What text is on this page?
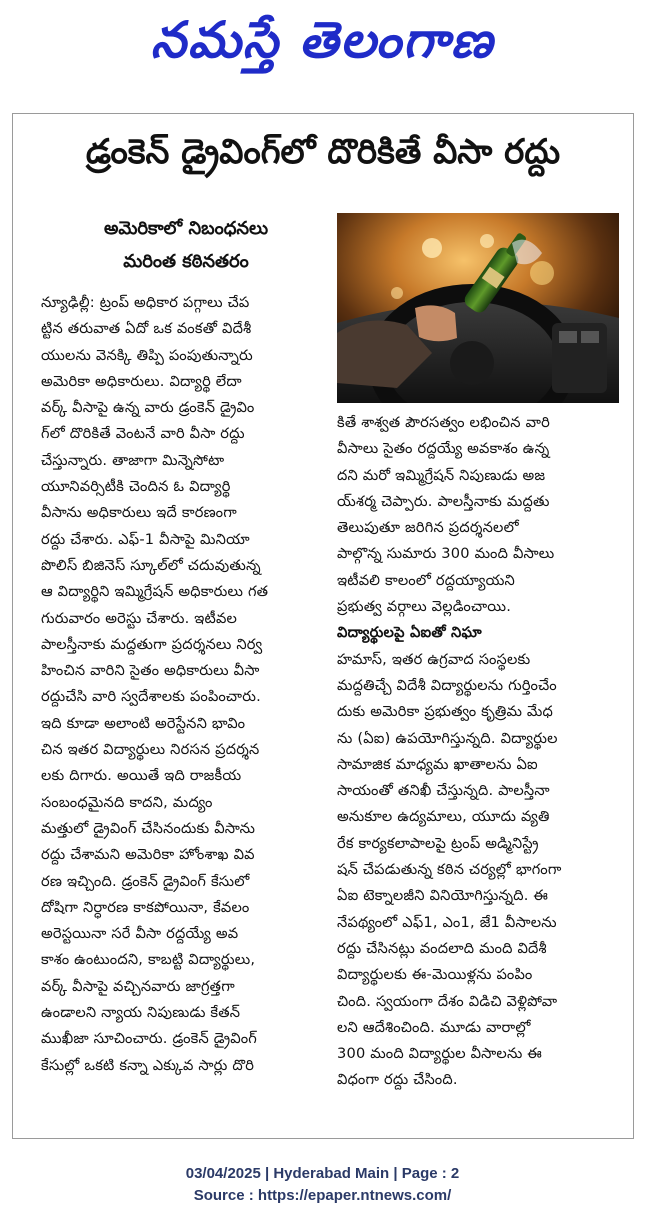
నమస్తే తెలంగాణ
డ్రంకెన్ డ్రైవింగ్‌లో దొరికితే వీసా రద్దు
అమెరికాలో నిబంధనలు
మరింత కఠినతరం
న్యూఢిల్లీ: ట్రంప్ అధికార పగ్గాలు చేప
ట్టిన తరువాత ఏదో ఒక వంకతో విదేశీ
యులను వెనక్కి తిప్పి పంపుతున్నారు
అమెరికా అధికారులు. విద్యార్థి లేదా
వర్క్ వీసాపై ఉన్న వారు డ్రంకెన్ డ్రైవిం
గ్‌లో దొరికితే వెంటనే వారి వీసా రద్దు
చేస్తున్నారు. తాజాగా మిన్నెసోటా
యూనివర్సిటీకి చెందిన ఓ విద్యార్థి
వీసాను అధికారులు ఇదే కారణంగా
రద్దు చేశారు. ఎఫ్-1 వీసాపై మినియా
పొలిస్ బిజినెస్ స్కూల్‌లో చదువుతున్న
ఆ విద్యార్థిని ఇమ్మిగ్రేషన్ అధికారులు గత
గురువారం అరెస్టు చేశారు. ఇటీవల
పాలస్తీనాకు మద్దతుగా ప్రదర్శనలు నిర్వ
హించిన వారిని సైతం అధికారులు వీసా
రద్దుచేసి వారి స్వదేశాలకు పంపించారు.
ఇది కూడా అలాంటి అరెస్టేనని భావిం
చిన ఇతర విద్యార్థులు నిరసన ప్రదర్శన
లకు దిగారు. అయితే ఇది రాజకీయ
సంబంధమైనది కాదని, మద్యం
మత్తులో డ్రైవింగ్ చేసినందుకు వీసాను
రద్దు చేశామని అమెరికా హోంశాఖ వివ
రణ ఇచ్చింది. డ్రంకెన్ డ్రైవింగ్ కేసులో
దోషిగా నిర్ధారణ కాకపోయినా, కేవలం
అరెస్టయినా సరే వీసా రద్దయ్యే అవ
కాశం ఉంటుందని, కాబట్టి విద్యార్థులు,
వర్క్ వీసాపై వచ్చినవారు జాగ్రత్తగా
ఉండాలని న్యాయ నిపుణుడు కేతన్
ముఖీజా సూచించారు. డ్రంకెన్ డ్రైవింగ్
కేసుల్లో ఒకటి కన్నా ఎక్కువ సార్లు దొరి
కితే శాశ్వత పౌరసత్వం లభించిన వారి
వీసాలు సైతం రద్దయ్యే అవకాశం ఉన్న
దని మరో ఇమ్మిగ్రేషన్ నిపుణుడు అజ
య్‌శర్మ చెప్పారు. పాలస్తీనాకు మద్దతు
తెలుపుతూ జరిగిన ప్రదర్శనలలో
పాల్గొన్న సుమారు 300 మంది వీసాలు
ఇటీవలి కాలంలో రద్దయ్యాయని
ప్రభుత్వ వర్గాలు వెల్లడించాయి.
విద్యార్థులపై ఏఐతో నిఘా
హమాస్, ఇతర ఉగ్రవాద సంస్థలకు
మద్దతిచ్చే విదేశీ విద్యార్థులను గుర్తించేం
దుకు అమెరికా ప్రభుత్వం కృత్రిమ మేధ
ను (ఏఐ) ఉపయోగిస్తున్నది. విద్యార్థుల
సామాజిక మాధ్యమ ఖాతాలను ఏఐ
సాయంతో తనిఖీ చేస్తున్నది. పాలస్తీనా
అనుకూల ఉద్యమాలు, యూదు వ్యతి
రేక కార్యకలాపాలపై ట్రంప్ అడ్మినిస్ట్రే
షన్ చేపడుతున్న కఠిన చర్యల్లో భాగంగా
ఏఐ టెక్నాలజీని వినియోగిస్తున్నది. ఈ
నేపథ్యంలో ఎఫ్1, ఎం1, జే1 వీసాలను
రద్దు చేసినట్లు వందలాది మంది విదేశీ
విద్యార్థులకు ఈ-మెయిళ్లను పంపిం
చింది. స్వయంగా దేశం విడిచి వెళ్లిపోవా
లని ఆదేశించింది. మూడు వారాల్లో
300 మంది విద్యార్థుల వీసాలను ఈ
విధంగా రద్దు చేసింది.
03/04/2025 | Hyderabad Main | Page : 2
Source : https://epaper.ntnews.com/
